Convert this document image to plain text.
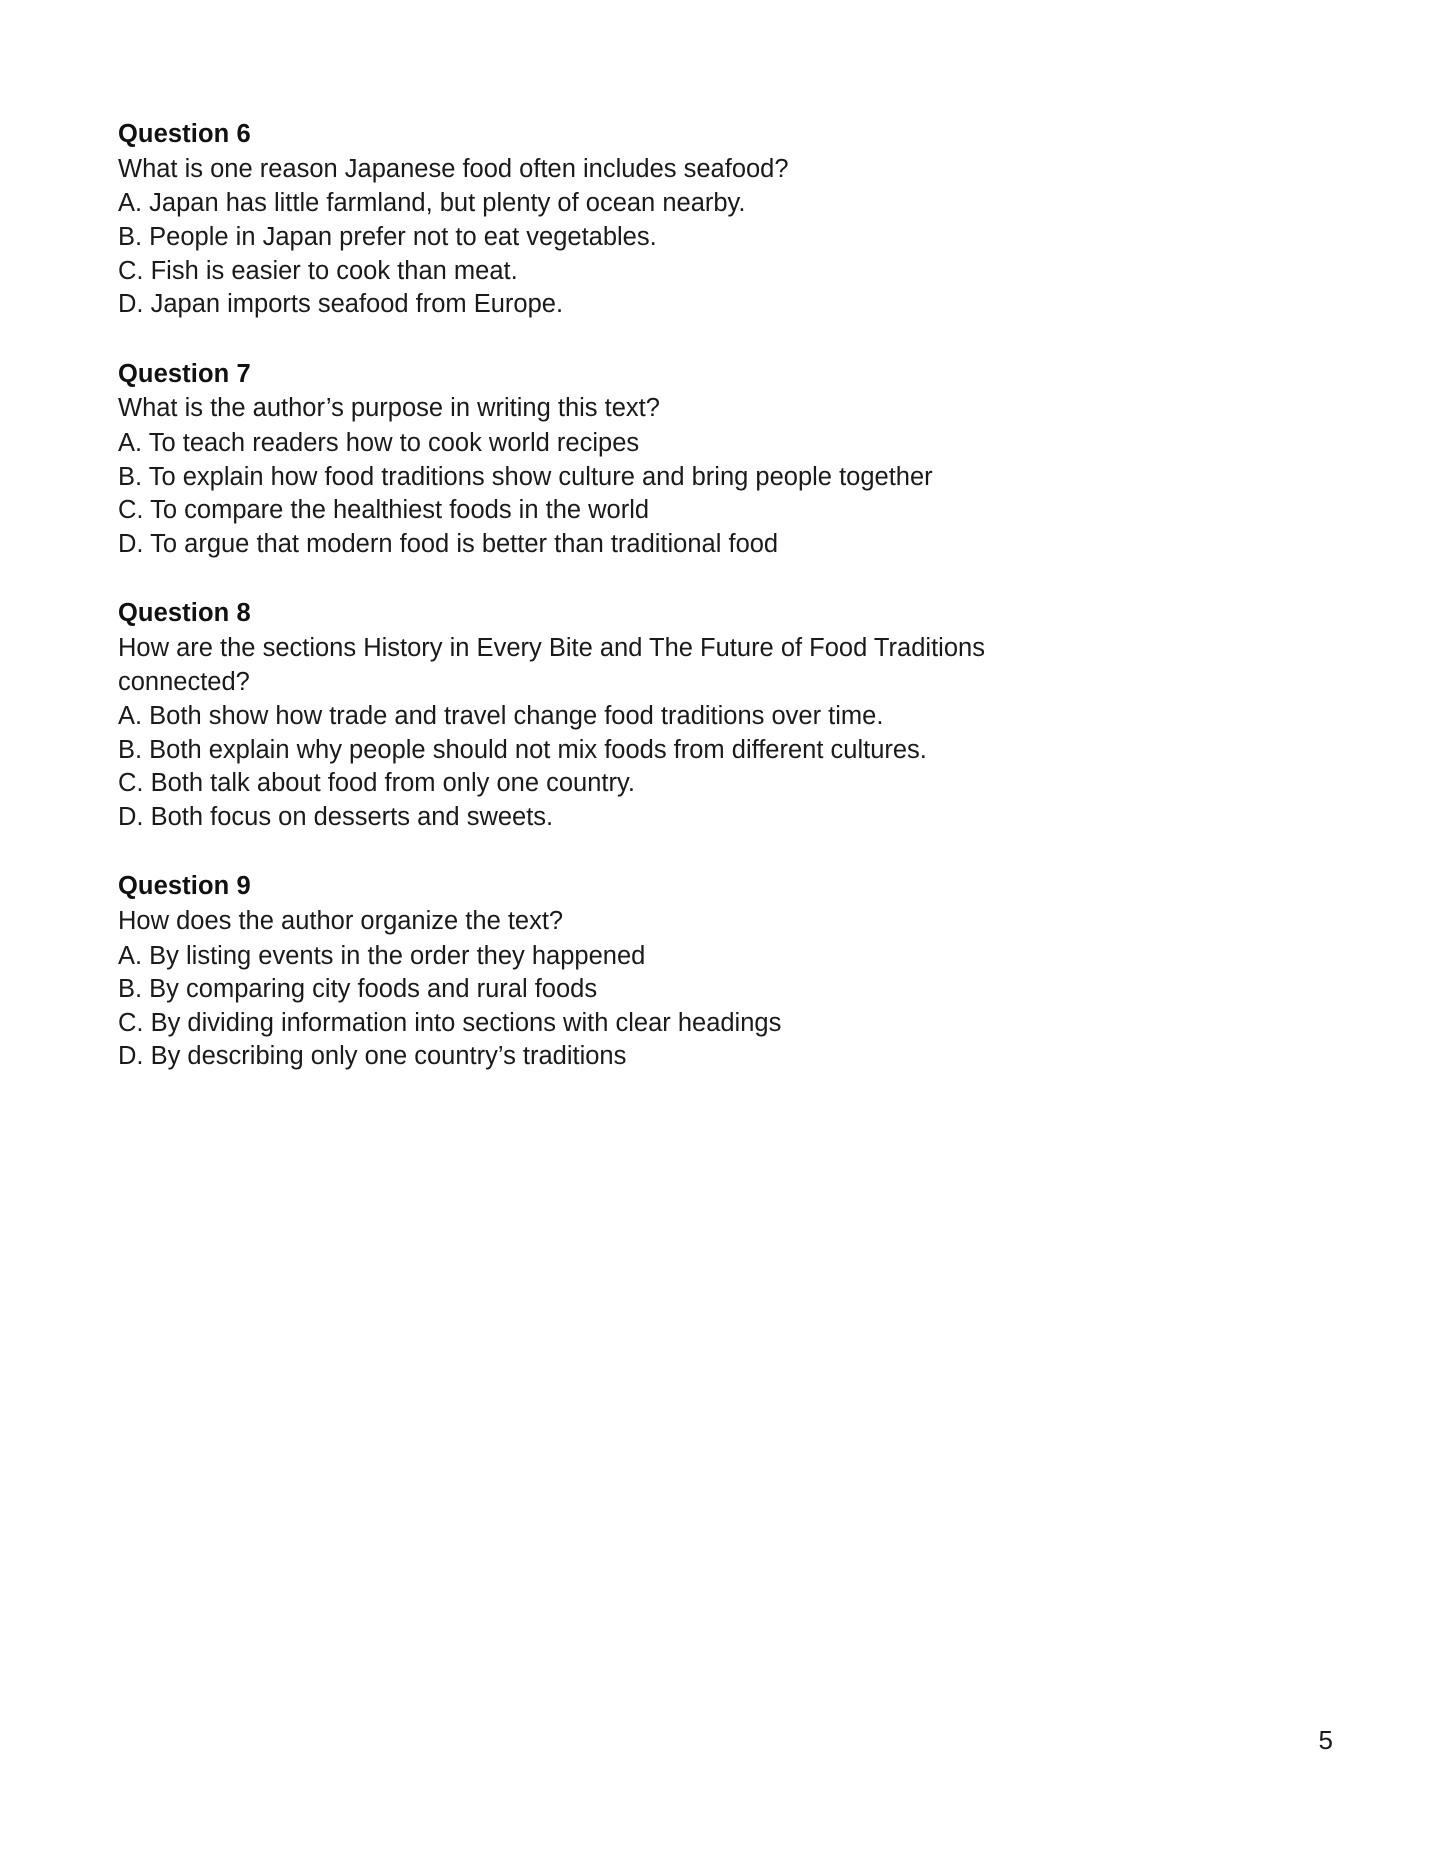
Question 6
What is one reason Japanese food often includes seafood?
A. Japan has little farmland, but plenty of ocean nearby.
B. People in Japan prefer not to eat vegetables.
C. Fish is easier to cook than meat.
D. Japan imports seafood from Europe.
Question 7
What is the author’s purpose in writing this text?
A. To teach readers how to cook world recipes
B. To explain how food traditions show culture and bring people together
C. To compare the healthiest foods in the world
D. To argue that modern food is better than traditional food
Question 8
How are the sections History in Every Bite and The Future of Food Traditions connected?
A. Both show how trade and travel change food traditions over time.
B. Both explain why people should not mix foods from different cultures.
C. Both talk about food from only one country.
D. Both focus on desserts and sweets.
Question 9
How does the author organize the text?
A. By listing events in the order they happened
B. By comparing city foods and rural foods
C. By dividing information into sections with clear headings
D. By describing only one country’s traditions
5
